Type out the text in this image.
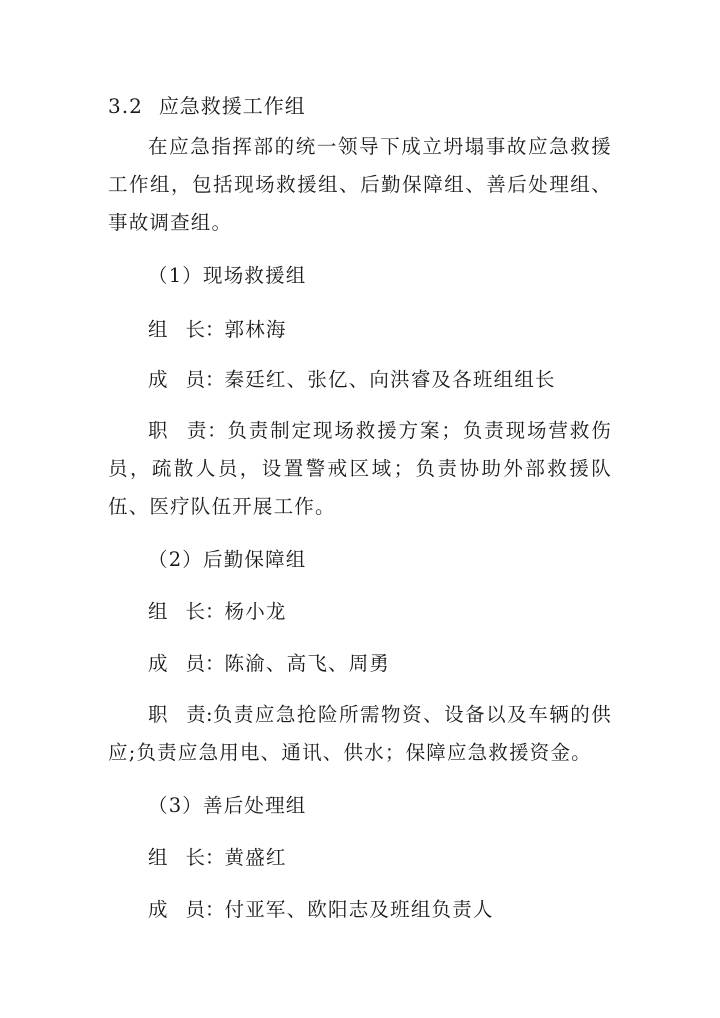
3.2 应急救援工作组
在应急指挥部的统一领导下成立坍塌事故应急救援工作组，包括现场救援组、后勤保障组、善后处理组、事故调查组。
（1）现场救援组
组 长：郭林海
成 员：秦廷红、张亿、向洪睿及各班组组长
职 责：负责制定现场救援方案；负责现场营救伤员，疏散人员，设置警戒区域；负责协助外部救援队伍、医疗队伍开展工作。
（2）后勤保障组
组 长：杨小龙
成 员：陈渝、高飞、周勇
职 责:负责应急抢险所需物资、设备以及车辆的供应;负责应急用电、通讯、供水；保障应急救援资金。
（3）善后处理组
组 长：黄盛红
成 员：付亚军、欧阳志及班组负责人
